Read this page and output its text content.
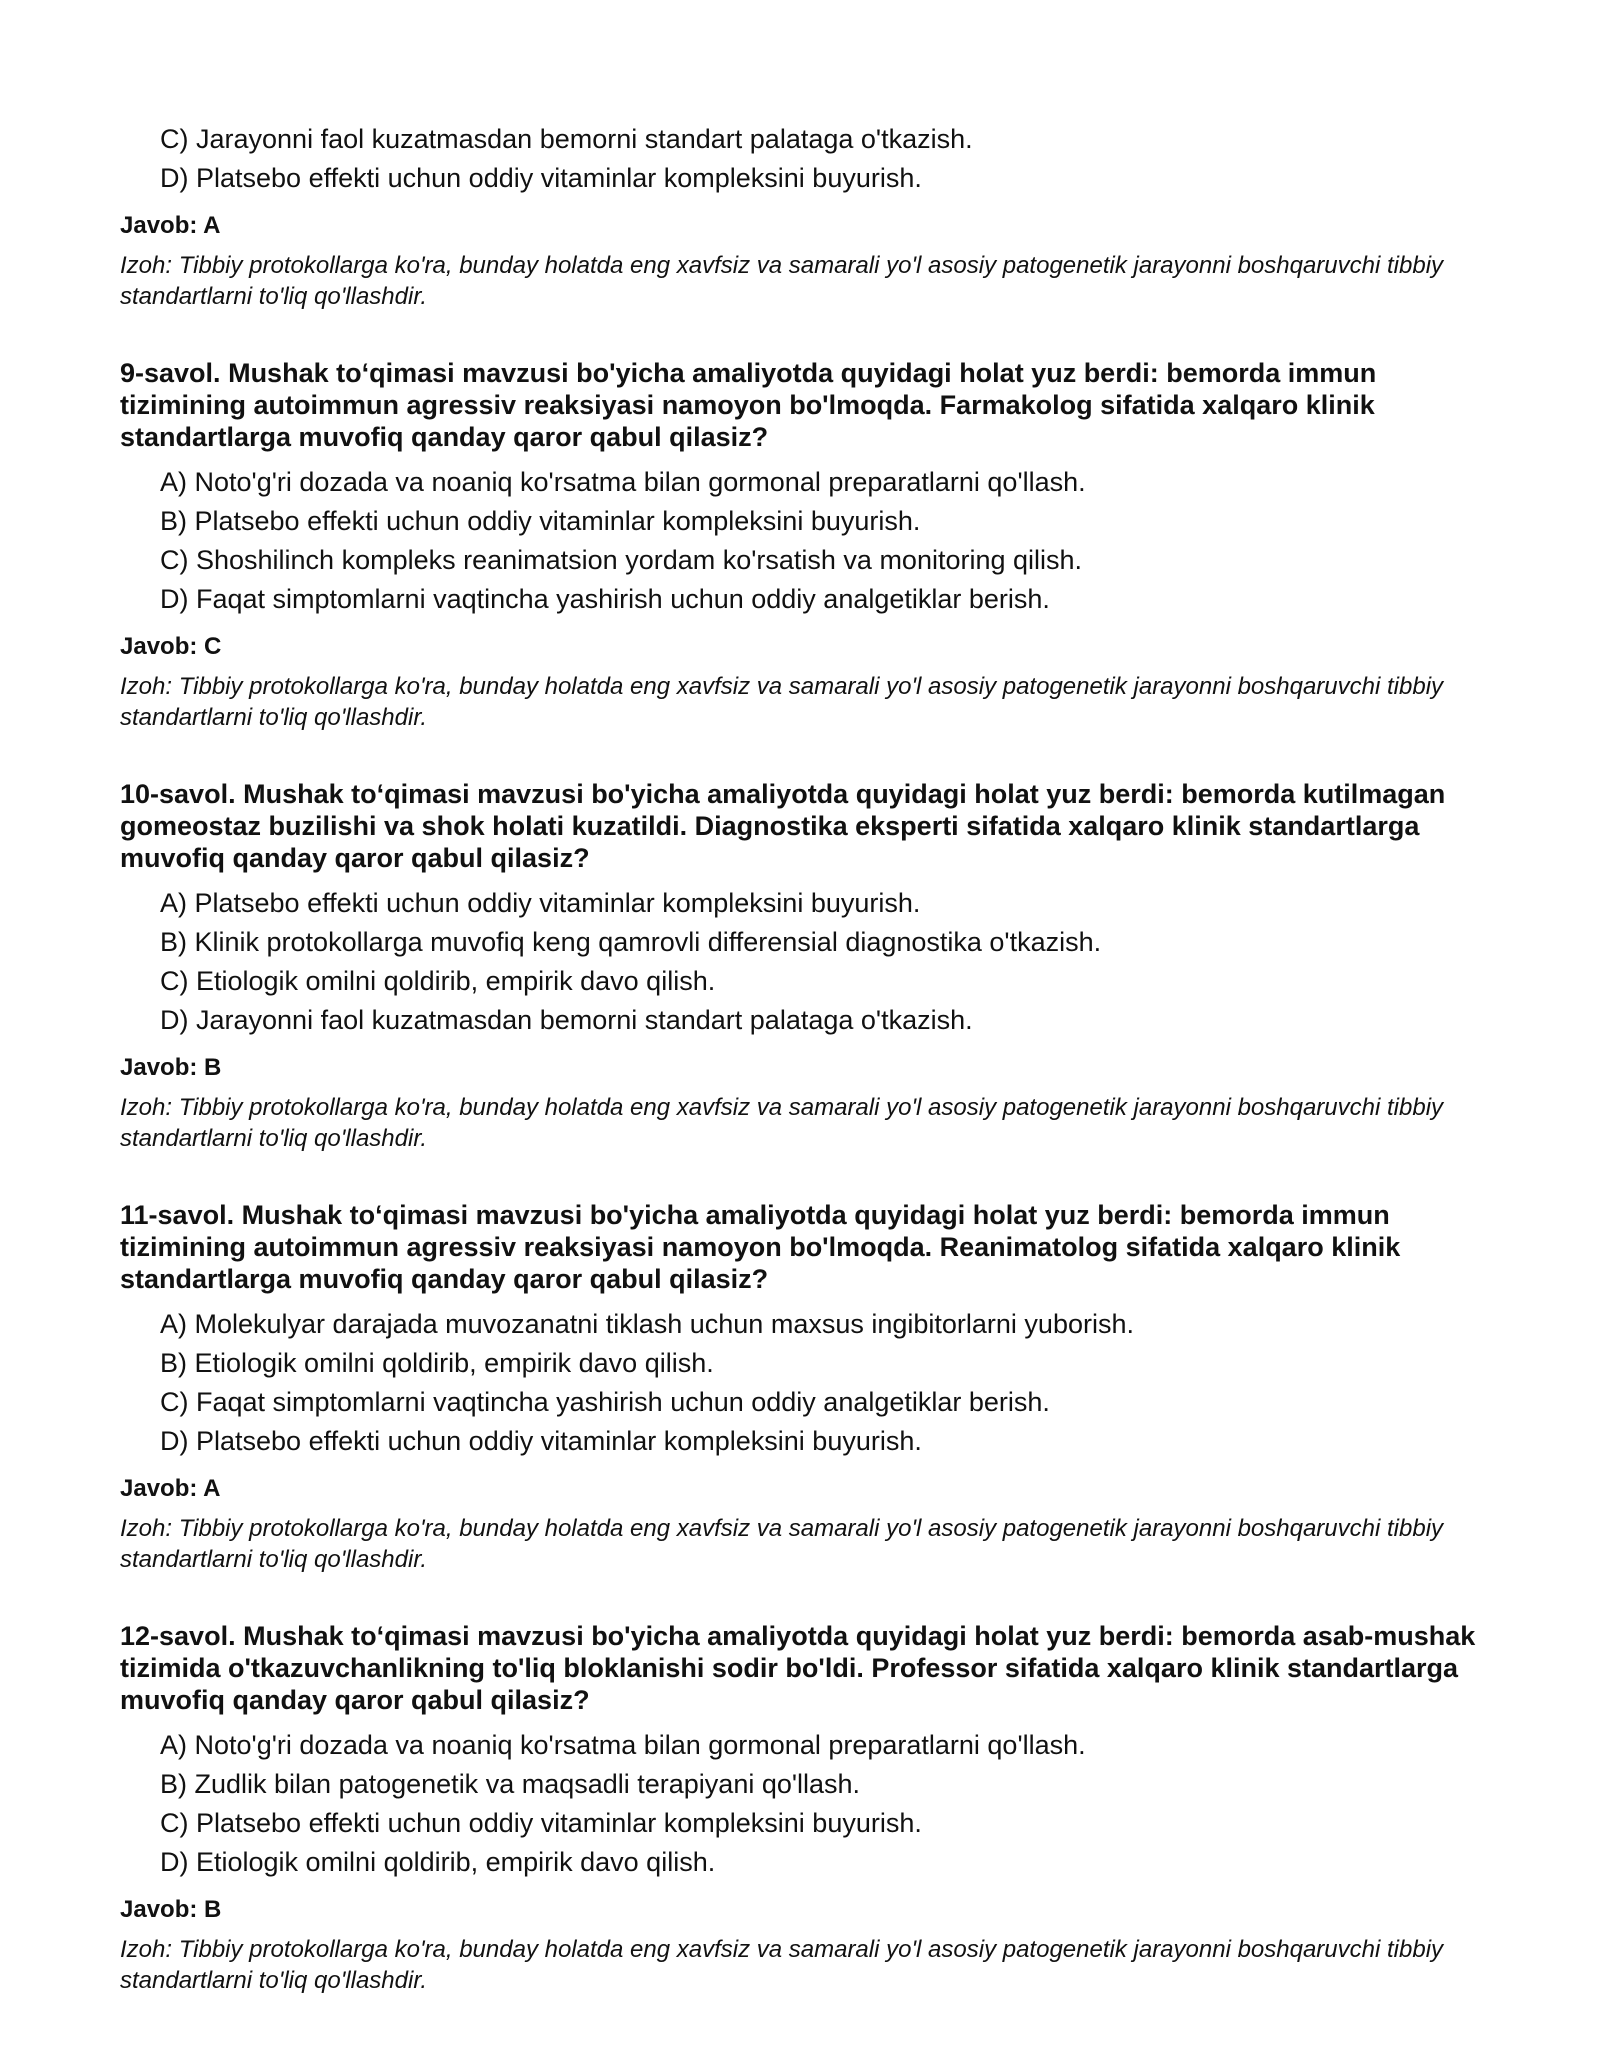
C) Jarayonni faol kuzatmasdan bemorni standart palataga o'tkazish.
D) Platsebo effekti uchun oddiy vitaminlar kompleksini buyurish.
Javob: A
Izoh: Tibbiy protokollarga ko'ra, bunday holatda eng xavfsiz va samarali yo'l asosiy patogenetik jarayonni boshqaruvchi tibbiy standartlarni to'liq qo'llashdir.
9-savol. Mushak to‘qimasi mavzusi bo'yicha amaliyotda quyidagi holat yuz berdi: bemorda immun tizimining autoimmun agressiv reaksiyasi namoyon bo'lmoqda. Farmakolog sifatida xalqaro klinik standartlarga muvofiq qanday qaror qabul qilasiz?
A) Noto'g'ri dozada va noaniq ko'rsatma bilan gormonal preparatlarni qo'llash.
B) Platsebo effekti uchun oddiy vitaminlar kompleksini buyurish.
C) Shoshilinch kompleks reanimatsion yordam ko'rsatish va monitoring qilish.
D) Faqat simptomlarni vaqtincha yashirish uchun oddiy analgetiklar berish.
Javob: C
Izoh: Tibbiy protokollarga ko'ra, bunday holatda eng xavfsiz va samarali yo'l asosiy patogenetik jarayonni boshqaruvchi tibbiy standartlarni to'liq qo'llashdir.
10-savol. Mushak to‘qimasi mavzusi bo'yicha amaliyotda quyidagi holat yuz berdi: bemorda kutilmagan gomeostaz buzilishi va shok holati kuzatildi. Diagnostika eksperti sifatida xalqaro klinik standartlarga muvofiq qanday qaror qabul qilasiz?
A) Platsebo effekti uchun oddiy vitaminlar kompleksini buyurish.
B) Klinik protokollarga muvofiq keng qamrovli differensial diagnostika o'tkazish.
C) Etiologik omilni qoldirib, empirik davo qilish.
D) Jarayonni faol kuzatmasdan bemorni standart palataga o'tkazish.
Javob: B
Izoh: Tibbiy protokollarga ko'ra, bunday holatda eng xavfsiz va samarali yo'l asosiy patogenetik jarayonni boshqaruvchi tibbiy standartlarni to'liq qo'llashdir.
11-savol. Mushak to‘qimasi mavzusi bo'yicha amaliyotda quyidagi holat yuz berdi: bemorda immun tizimining autoimmun agressiv reaksiyasi namoyon bo'lmoqda. Reanimatolog sifatida xalqaro klinik standartlarga muvofiq qanday qaror qabul qilasiz?
A) Molekulyar darajada muvozanatni tiklash uchun maxsus ingibitorlarni yuborish.
B) Etiologik omilni qoldirib, empirik davo qilish.
C) Faqat simptomlarni vaqtincha yashirish uchun oddiy analgetiklar berish.
D) Platsebo effekti uchun oddiy vitaminlar kompleksini buyurish.
Javob: A
Izoh: Tibbiy protokollarga ko'ra, bunday holatda eng xavfsiz va samarali yo'l asosiy patogenetik jarayonni boshqaruvchi tibbiy standartlarni to'liq qo'llashdir.
12-savol. Mushak to‘qimasi mavzusi bo'yicha amaliyotda quyidagi holat yuz berdi: bemorda asab-mushak tizimida o'tkazuvchanlikning to'liq bloklanishi sodir bo'ldi. Professor sifatida xalqaro klinik standartlarga muvofiq qanday qaror qabul qilasiz?
A) Noto'g'ri dozada va noaniq ko'rsatma bilan gormonal preparatlarni qo'llash.
B) Zudlik bilan patogenetik va maqsadli terapiyani qo'llash.
C) Platsebo effekti uchun oddiy vitaminlar kompleksini buyurish.
D) Etiologik omilni qoldirib, empirik davo qilish.
Javob: B
Izoh: Tibbiy protokollarga ko'ra, bunday holatda eng xavfsiz va samarali yo'l asosiy patogenetik jarayonni boshqaruvchi tibbiy standartlarni to'liq qo'llashdir.
